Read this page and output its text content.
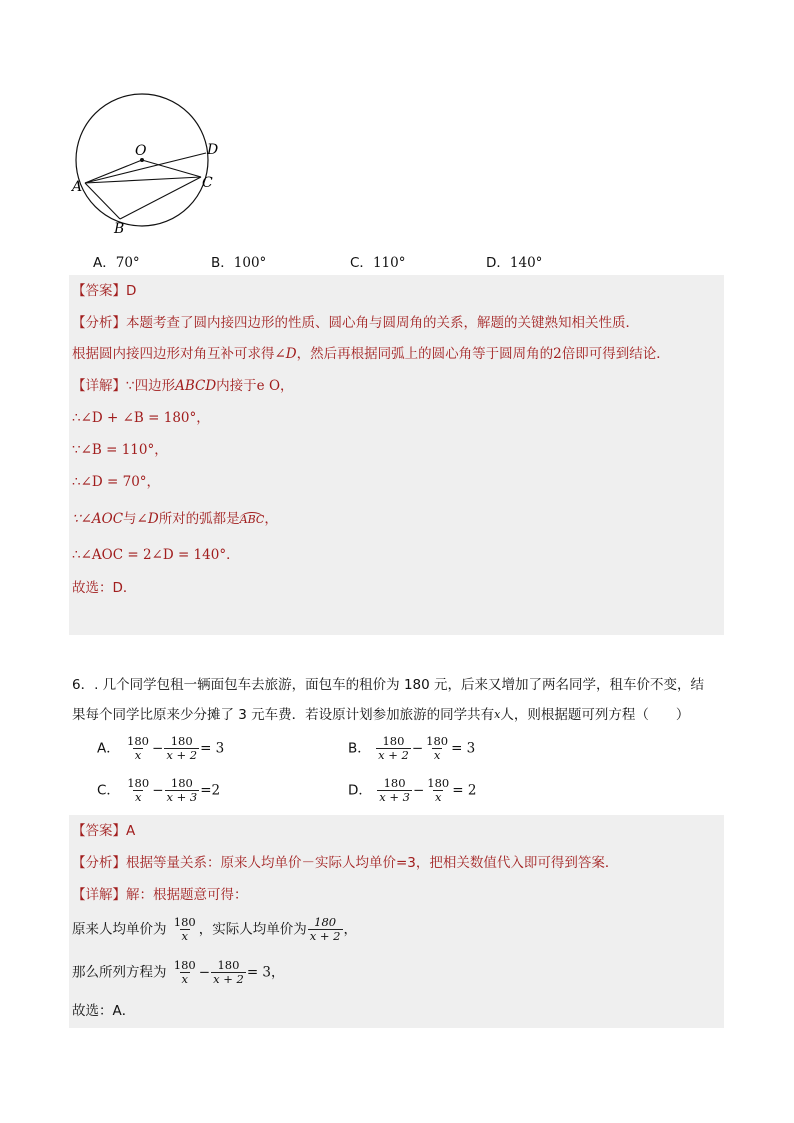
O	D
A	C
B
A．70°	B．100°	C．110°	D．140°
【答案】D
【分析】本题考查了圆内接四边形的性质、圆心角与圆周角的关系，解题的关键熟知相关性质．
根据圆内接四边形对角互补可求得∠D，然后再根据同弧上的圆心角等于圆周角的2倍即可得到结论．
【详解】∵四边形ABCD内接于e O，
∴∠D + ∠B = 180°，
∵∠B = 110°，
∴∠D = 70°，
∵∠AOC与∠D所对的弧都是ABC，
∴∠AOC = 2∠D = 140°．
故选：D．
6．. 几个同学包租一辆面包车去旅游，面包车的租价为 180 元，后来又增加了两名同学，租车价不变，结
果每个同学比原来少分摊了 3 元车费．若设原计划参加旅游的同学共有$^x$人，则根据题可列方程（　　）
A． $\frac{180}{x} - \frac{180}{x + 2} = 3$	B． $\frac{180}{x + 2} - \frac{180}{x} = 3$
C． $\frac{180}{x} - \frac{180}{x + 3} =2$	D． $\frac{180}{x + 3} - \frac{180}{x} = 2$
【答案】A
【分析】根据等量关系：原来人均单价－实际人均单价=3，把相关数值代入即可得到答案．
【详解】解：根据题意可得：
原来人均单价为 $\frac{180}{x}$ ，实际人均单价为 $\frac{180}{x + 2}$ ，
那么所列方程为 $\frac{180}{x} - \frac{180}{x + 2} = 3$，
故选：A．
